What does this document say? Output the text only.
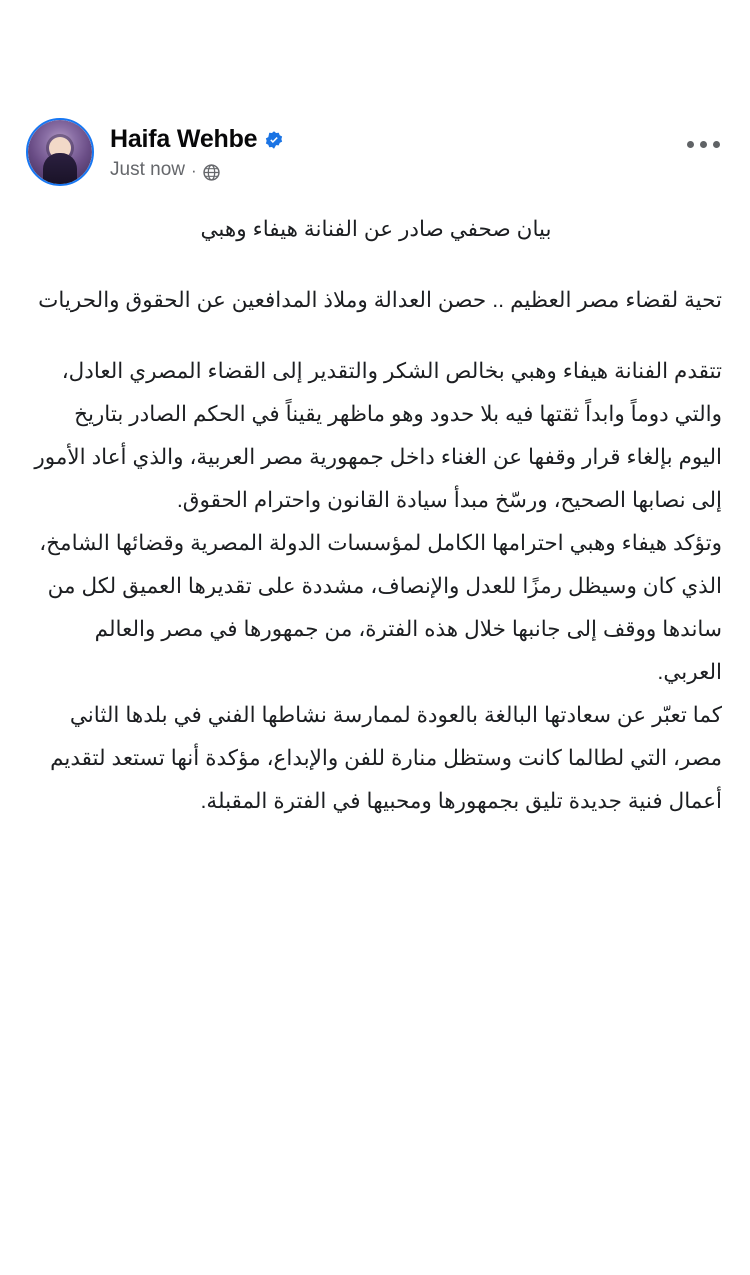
Haifa Wehbe
Just now ·

بيان صحفي صادر عن الفنانة هيفاء وهبي

تحية لقضاء مصر العظيم .. حصن العدالة وملاذ المدافعين عن الحقوق والحريات

تتقدم الفنانة هيفاء وهبي بخالص الشكر والتقدير إلى القضاء المصري العادل، والتي دوماً وابداً ثقتها فيه بلا حدود وهو ماظهر يقيناً في الحكم الصادر بتاريخ اليوم بإلغاء قرار وقفها عن الغناء داخل جمهورية مصر العربية، والذي أعاد الأمور إلى نصابها الصحيح، ورسّخ مبدأ سيادة القانون واحترام الحقوق.

وتؤكد هيفاء وهبي احترامها الكامل لمؤسسات الدولة المصرية وقضائها الشامخ، الذي كان وسيظل رمزًا للعدل والإنصاف، مشددة على تقديرها العميق لكل من ساندها ووقف إلى جانبها خلال هذه الفترة، من جمهورها في مصر والعالم العربي.

كما تعبّر عن سعادتها البالغة بالعودة لممارسة نشاطها الفني في بلدها الثاني مصر، التي لطالما كانت وستظل منارة للفن والإبداع، مؤكدة أنها تستعد لتقديم أعمال فنية جديدة تليق بجمهورها ومحبيها في الفترة المقبلة.
